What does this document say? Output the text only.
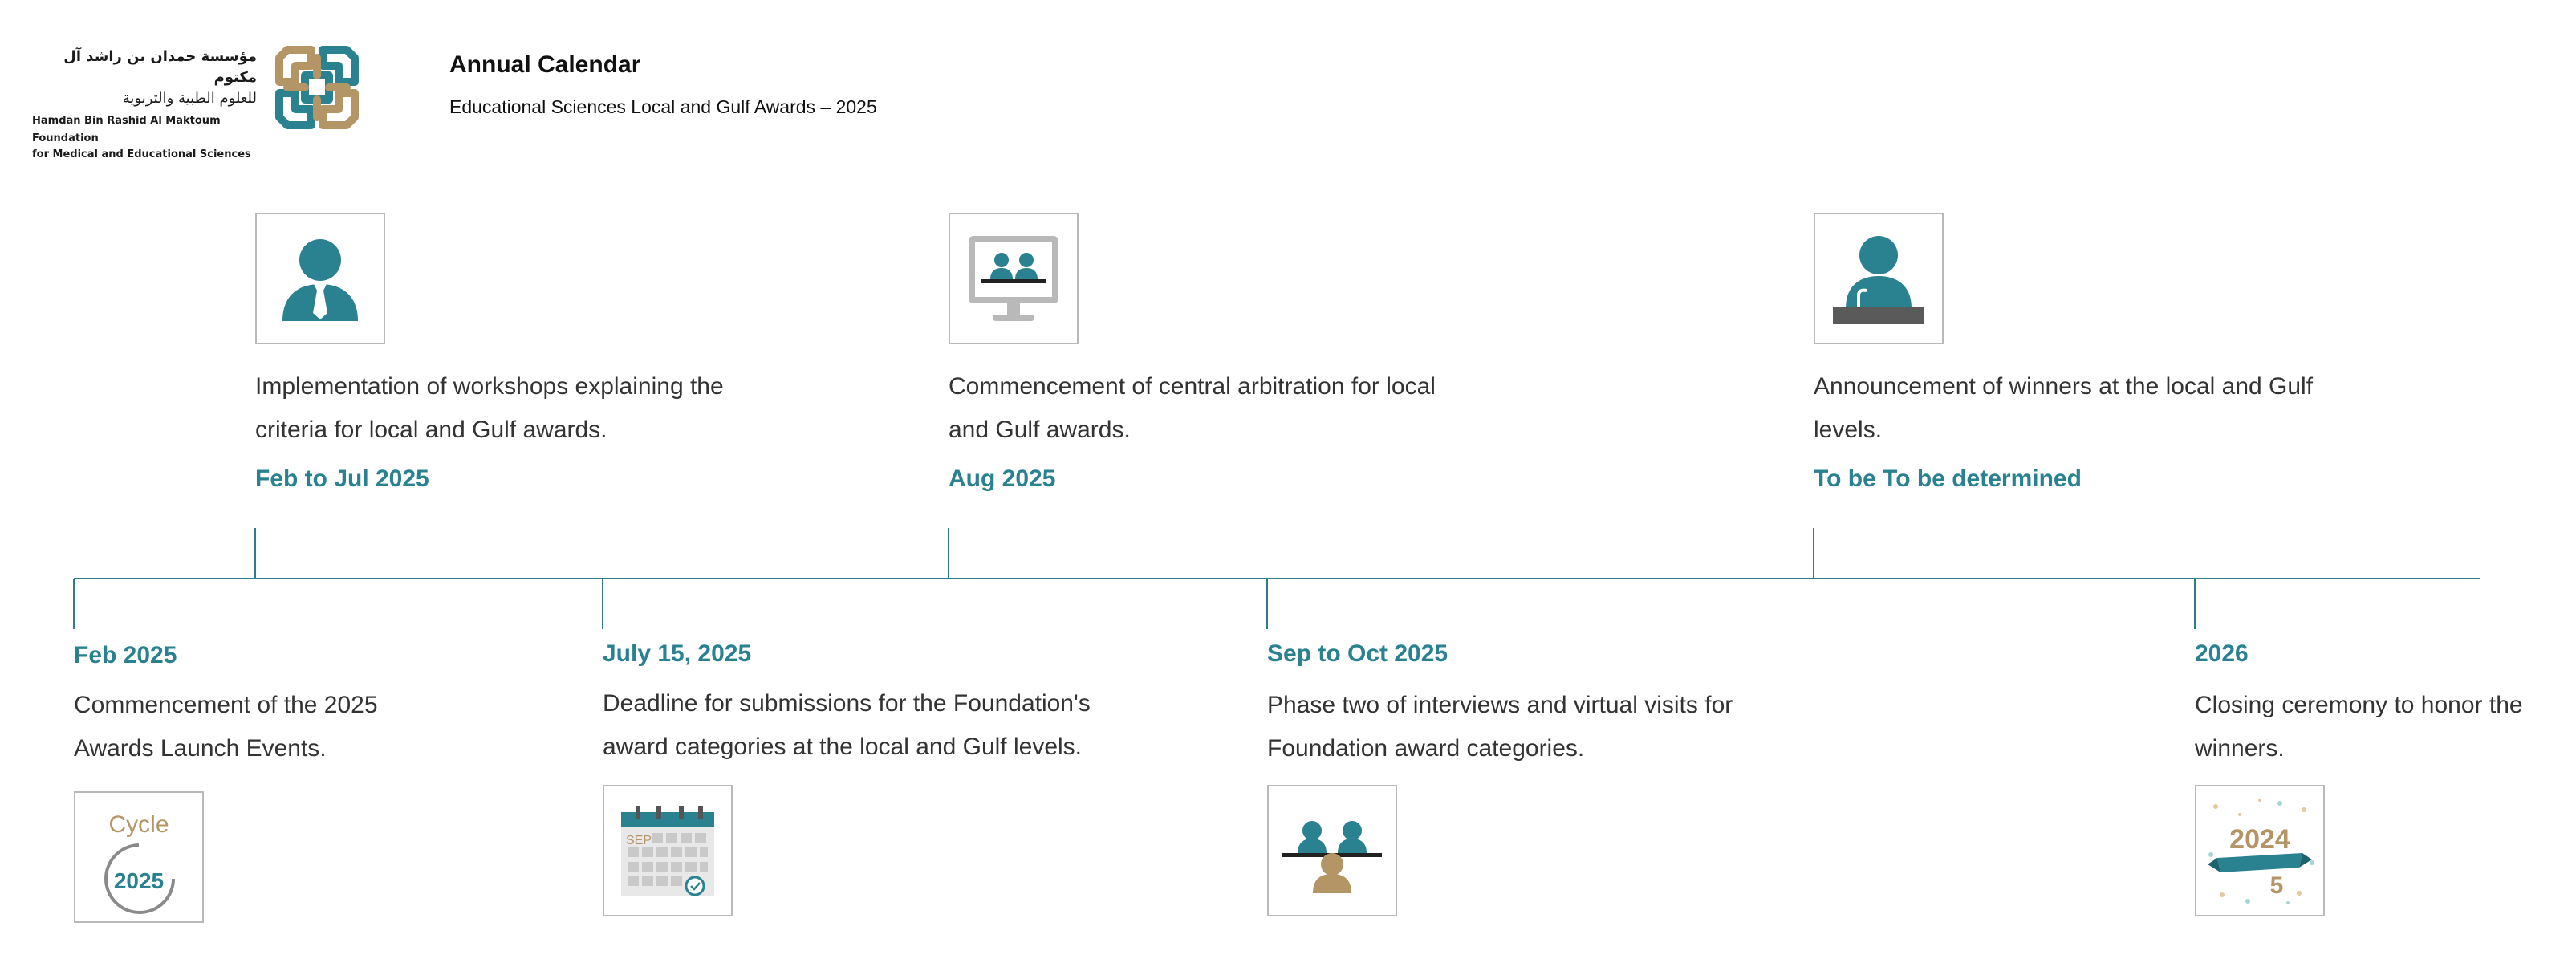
مؤسسة حمدان بن راشد آل مكتوم
للعلوم الطبية والتربوية
Hamdan Bin Rashid Al Maktoum Foundation
for Medical and Educational Sciences
Annual Calendar
Educational Sciences Local and Gulf Awards – 2025
Implementation of workshops explaining the criteria for local and Gulf awards.
Feb to Jul 2025
Commencement of central arbitration for local and Gulf awards.
Aug 2025
Announcement of winners at the local and Gulf levels.
To be To be determined
Feb 2025
Commencement of the 2025 Awards Launch Events.
Cycle
2025
July 15, 2025
Deadline for submissions for the Foundation's award categories at the local and Gulf levels.
SEP
Sep to Oct 2025
Phase two of interviews and virtual visits for Foundation award categories.
2026
Closing ceremony to honor the winners.
2024
5
